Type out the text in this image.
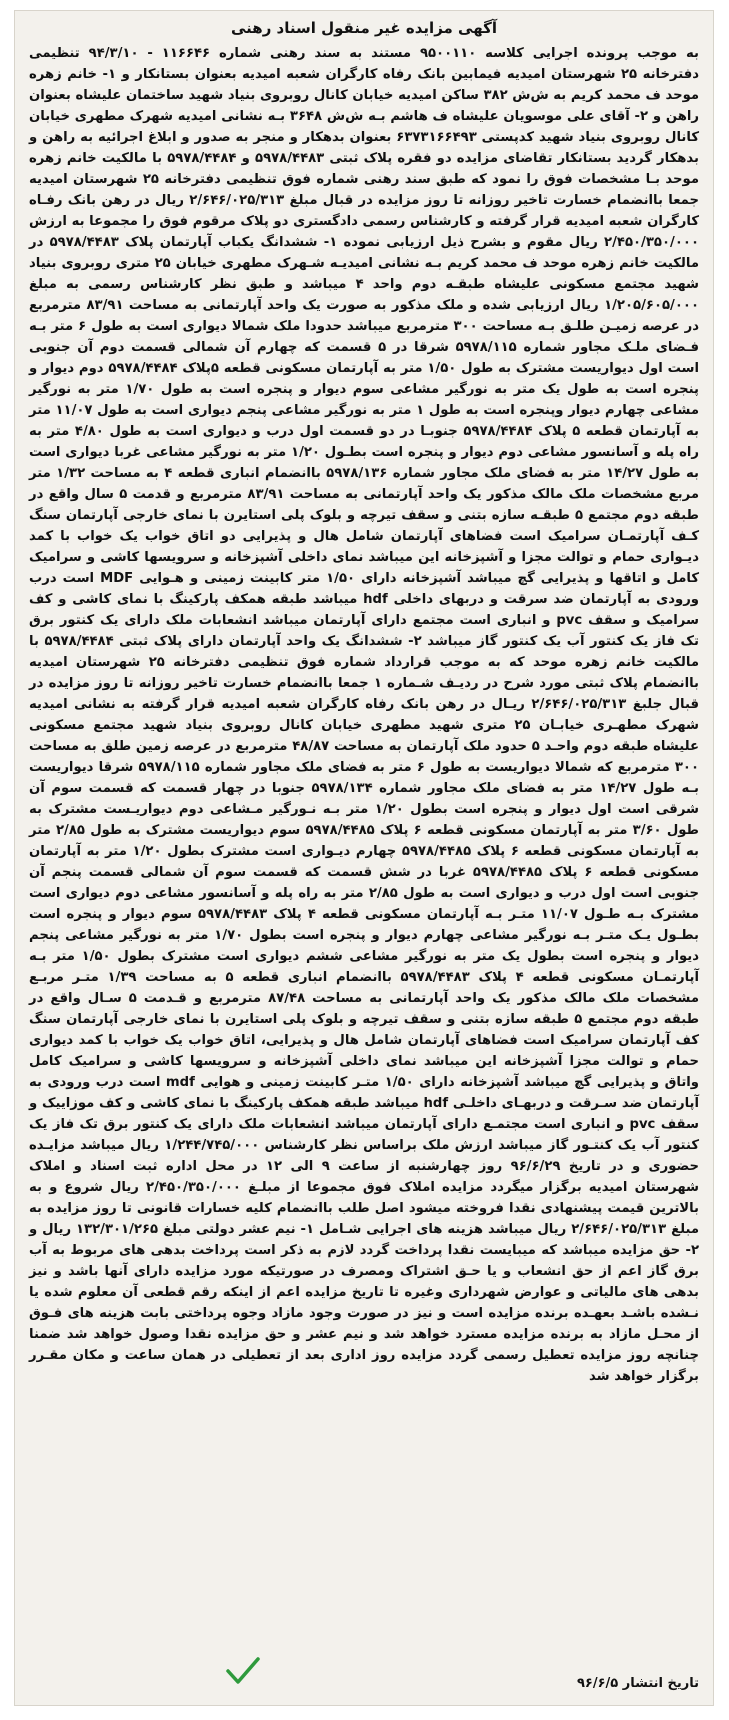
آگهی مزایده غیر منقول اسناد رهنی

به موجب پرونده اجرایی کلاسه ۹۵۰۰۱۱۰ مستند به سند رهنی شماره ۱۱۶۶۴۶ - ۹۴/۳/۱۰ تنظیمی دفترخانه ۲۵ شهرستان امیدیه فیمابین بانک رفاه کارگران شعبه امیدیه بعنوان بستانکار و ۱- خانم زهره موحد ف محمد کریم به ش‌ش ۳۸۲ ساکن امیدیه خیابان کانال روبروی بنیاد شهید ساختمان علیشاه بعنوان راهن و ۲- آقای علی موسویان علیشاه ف هاشم بـه ش‌ش ۳۶۴۸ بـه نشانی امیدیه شهرک مطهری خیابان کانال روبروی بنیاد شهید کدپستی ۶۳۷۳۱۶۶۴۹۳ بعنوان بدهکار و منجر به صدور و ابلاغ اجرائیه به راهن و بدهکار گردید بستانکار تقاضای مزایده دو فقره پلاک ثبتی ۵۹۷۸/۴۴۸۳ و ۵۹۷۸/۴۴۸۴ با مالکیت خانم زهره موحد بـا مشخصات فوق را نمود که طبق سند رهنی شماره فوق تنظیمی دفترخانه ۲۵ شهرستان امیدیه جمعا باانضمام خسارت تاخیر روزانه تا روز مزایده در قبال مبلغ ۲/۶۴۶/۰۲۵/۳۱۳ ریال در رهن بانک رفـاه کارگران شعبه امیدیه قرار گرفته و کارشناس رسمی دادگستری دو پلاک مرقوم فوق را مجموعا به ارزش ۲/۴۵۰/۳۵۰/۰۰۰ ریال مقوم و بشرح ذیل ارزیابی نموده ۱- ششدانگ یکباب آپارتمان پلاک ۵۹۷۸/۴۴۸۳ در مالکیت خانم زهره موحد ف محمد کریم بـه نشانی امیدیـه شـهرک مطهری خیابان ۲۵ متری روبروی بنیاد شهید مجتمع مسکونی علیشاه طبقـه دوم واحد ۴ میباشد و طبق نظر کارشناس رسمی به مبلغ ۱/۲۰۵/۶۰۵/۰۰۰ ریال ارزیابی شده و ملک مذکور به صورت یک واحد آپارتمانی به مساحت ۸۳/۹۱ مترمربع در عرصه زمیـن طلـق بـه مساحت ۳۰۰ مترمربع میباشد حدودا ملک شمالا دیواری است به طول ۶ متر بـه فـضای ملـک مجاور شماره ۵۹۷۸/۱۱۵ شرقا در ۵ قسمت که چهارم آن شمالی قسمت دوم آن جنوبی است اول دیواریست مشترک به طول ۱/۵۰ متر به آپارتمان مسکونی قطعه ۵پلاک ۵۹۷۸/۴۴۸۴ دوم دیوار و پنجره است به طول یک متر به نورگیر مشاعی سوم دیوار و پنجره است به طول ۱/۷۰ متر به نورگیر مشاعی چهارم دیوار وپنجره است به طول ۱ متر به نورگیر مشاعی پنجم دیواری است به طول ۱۱/۰۷ متر به آپارتمان قطعه ۵ پلاک ۵۹۷۸/۴۴۸۴ جنوبـا در دو قسمت اول درب و دیواری است به طول ۴/۸۰ متر به راه پله و آسانسور مشاعی دوم دیوار و پنجره است بطـول ۱/۲۰ متر به نورگیر مشاعی غربا دیواری است به طول ۱۴/۲۷ متر به فضای ملک مجاور شماره ۵۹۷۸/۱۳۶ باانضمام انباری قطعه ۴ به مساحت ۱/۳۲ متر مربع مشخصات ملک مالک مذکور یک واحد آپارتمانی به مساحت ۸۳/۹۱ مترمربع و قدمت ۵ سال واقع در طبقه دوم مجتمع ۵ طبقـه سازه بتنی و سقف تیرچه و بلوک پلی استایرن با نمای خارجی آپارتمان سنگ کـف آپارتمـان سرامیک است فضاهای آپارتمان شامل هال و پذیرایی دو اتاق خواب یک خواب با کمد دیـواری حمام و توالت مجزا و آشپزخانه این میباشد نمای داخلی آشپزخانه و سرویسها کاشی و سرامیک کامل و اتاقها و پذیرایی گچ میباشد آشپزخانه دارای ۱/۵۰ متر کابینت زمینی و هـوایی MDF است درب ورودی به آپارتمان ضد سرقت و دربهای داخلی hdf میباشد طبقه همکف پارکینگ با نمای کاشی و کف سرامیک و سقف pvc و انباری است مجتمع دارای آپارتمان میباشد انشعابات ملک دارای یک کنتور برق تک فاز یک کنتور آب یک کنتور گاز میباشد ۲- ششدانگ یک واحد آپارتمان دارای پلاک ثبتی ۵۹۷۸/۴۴۸۴ با مالکیت خانم زهره موحد که به موجب قرارداد شماره فوق تنظیمی دفترخانه ۲۵ شهرستان امیدیه باانضمام پلاک ثبتی مورد شرح در ردیـف شـماره ۱ جمعا باانضمام خسارت تاخیر روزانه تا روز مزایده در قبال جلبغ ۲/۶۴۶/۰۲۵/۳۱۳ ریـال در رهن بانک رفاه کارگران شعبه امیدیه قرار گرفته به نشانی امیدیه شهرک مطهـری خیابـان ۲۵ متری شهید مطهری خیابان کانال روبروی بنیاد شهید مجتمع مسکونی علیشاه طبقه دوم واحـد ۵ حدود ملک آپارتمان به مساحت ۴۸/۸۷ مترمربع در عرصه زمین طلق به مساحت ۳۰۰ مترمربع که شمالا دیواریست به طول ۶ متر به فضای ملک مجاور شماره ۵۹۷۸/۱۱۵ شرقا دیواریست بـه طول ۱۴/۲۷ متر به فضای ملک مجاور شماره ۵۹۷۸/۱۳۴ جنوبا در چهار قسمت که قسمت سوم آن شرقی است اول دیوار و پنجره است بطول ۱/۲۰ متر بـه نـورگیر مـشاعی دوم دیواریـست مشترک به طول ۳/۶۰ متر به آپارتمان مسکونی قطعه ۶ پلاک ۵۹۷۸/۴۴۸۵ سوم دیواریست مشترک به طول ۲/۸۵ متر به آپارتمان مسکونی قطعه ۶ پلاک ۵۹۷۸/۴۴۸۵ چهارم دیـواری است مشترک بطول ۱/۲۰ متر به آپارتمان مسکونی قطعه ۶ پلاک ۵۹۷۸/۴۴۸۵ غربا در شش قسمت که قسمت سوم آن شمالی قسمت پنجم آن جنوبی است اول درب و دیواری است به طول ۲/۸۵ متر به راه پله و آسانسور مشاعی دوم دیواری است مشترک بـه طـول ۱۱/۰۷ متـر بـه آپارتمان مسکونی قطعه ۴ پلاک ۵۹۷۸/۴۴۸۳ سوم دیوار و پنجره است بطـول یـک متـر بـه نورگیر مشاعی چهارم دیوار و پنجره است بطول ۱/۷۰ متر به نورگیر مشاعی پنجم دیوار و پنجره است بطول یک متر به نورگیر مشاعی ششم دیواری است مشترک بطول ۱/۵۰ متر بـه آپارتمـان مسکونی قطعه ۴ پلاک ۵۹۷۸/۴۴۸۳ باانضمام انباری قطعه ۵ به مساحت ۱/۳۹ متـر مربـع مشخصات ملک مالک مذکور یک واحد آپارتمانی به مساحت ۸۷/۴۸ مترمربع و قـدمت ۵ سـال واقع در طبقه دوم مجتمع ۵ طبقه سازه بتنی و سقف تیرچه و بلوک پلی استایرن با نمای خارجی آپارتمان سنگ کف آپارتمان سرامیک است فضاهای آپارتمان شامل هال و پذیرایی، اتاق خواب یک خواب با کمد دیواری حمام و توالت مجزا آشپزخانه این میباشد نمای داخلی آشپزخانه و سرویسها کاشی و سرامیک کامل واتاق و پذیرایی گچ میباشد آشپزخانه دارای ۱/۵۰ متـر کابینت زمینی و هوایی mdf است درب ورودی به آپارتمان ضد سـرقت و دربهـای داخلـی hdf میباشد طبقه همکف پارکینگ با نمای کاشی و کف موزاییک و سقف pvc و انباری است مجتمـع دارای آپارتمان میباشد انشعابات ملک دارای یک کنتور برق تک فاز یک کنتور آب یک کنتـور گاز میباشد ارزش ملک براساس نظر کارشناس ۱/۲۴۴/۷۴۵/۰۰۰ ریال میباشد مزایـده حضوری و در تاریخ ۹۶/۶/۲۹ روز چهارشنبه از ساعت ۹ الی ۱۲ در محل اداره ثبت اسناد و املاک شهرستان امیدیه برگزار میگردد مزایده املاک فوق مجموعا از مبلـغ ۲/۴۵۰/۳۵۰/۰۰۰ ریال شروع و به بالاترین قیمت پیشنهادی نقدا فروخته میشود اصل طلب باانضمام کلیه خسارات قانونی تا روز مزایده به مبلغ ۲/۶۴۶/۰۲۵/۳۱۳ ریال میباشد هزینه های اجرایی شـامل ۱- نیم عشر دولتی مبلغ ۱۳۲/۳۰۱/۲۶۵ ریال و ۲- حق مزایده میباشد که میبایست نقدا پرداخت گردد لازم به ذکر است پرداخت بدهی های مربوط به آب برق گاز اعم از حق انشعاب و یا حـق اشتراک ومصرف در صورتیکه مورد مزایده دارای آنها باشد و نیز بدهی های مالیاتی و عوارض شهرداری وغیره تا تاریخ مزایده اعم از اینکه رقم قطعی آن معلوم شده یا نـشده باشـد بعهـده برنده مزایده است و نیز در صورت وجود مازاد وجوه پرداختی بابت هزینه های فـوق از محـل مازاد به برنده مزایده مسترد خواهد شد و نیم عشر و حق مزایده نقدا وصول خواهد شد ضمنا چنانچه روز مزایده تعطیل رسمی گردد مزایده روز اداری بعد از تعطیلی در همان ساعت و مکان مقـرر برگزار خواهد شد

تاریخ انتشار ۹۶/۶/۵
